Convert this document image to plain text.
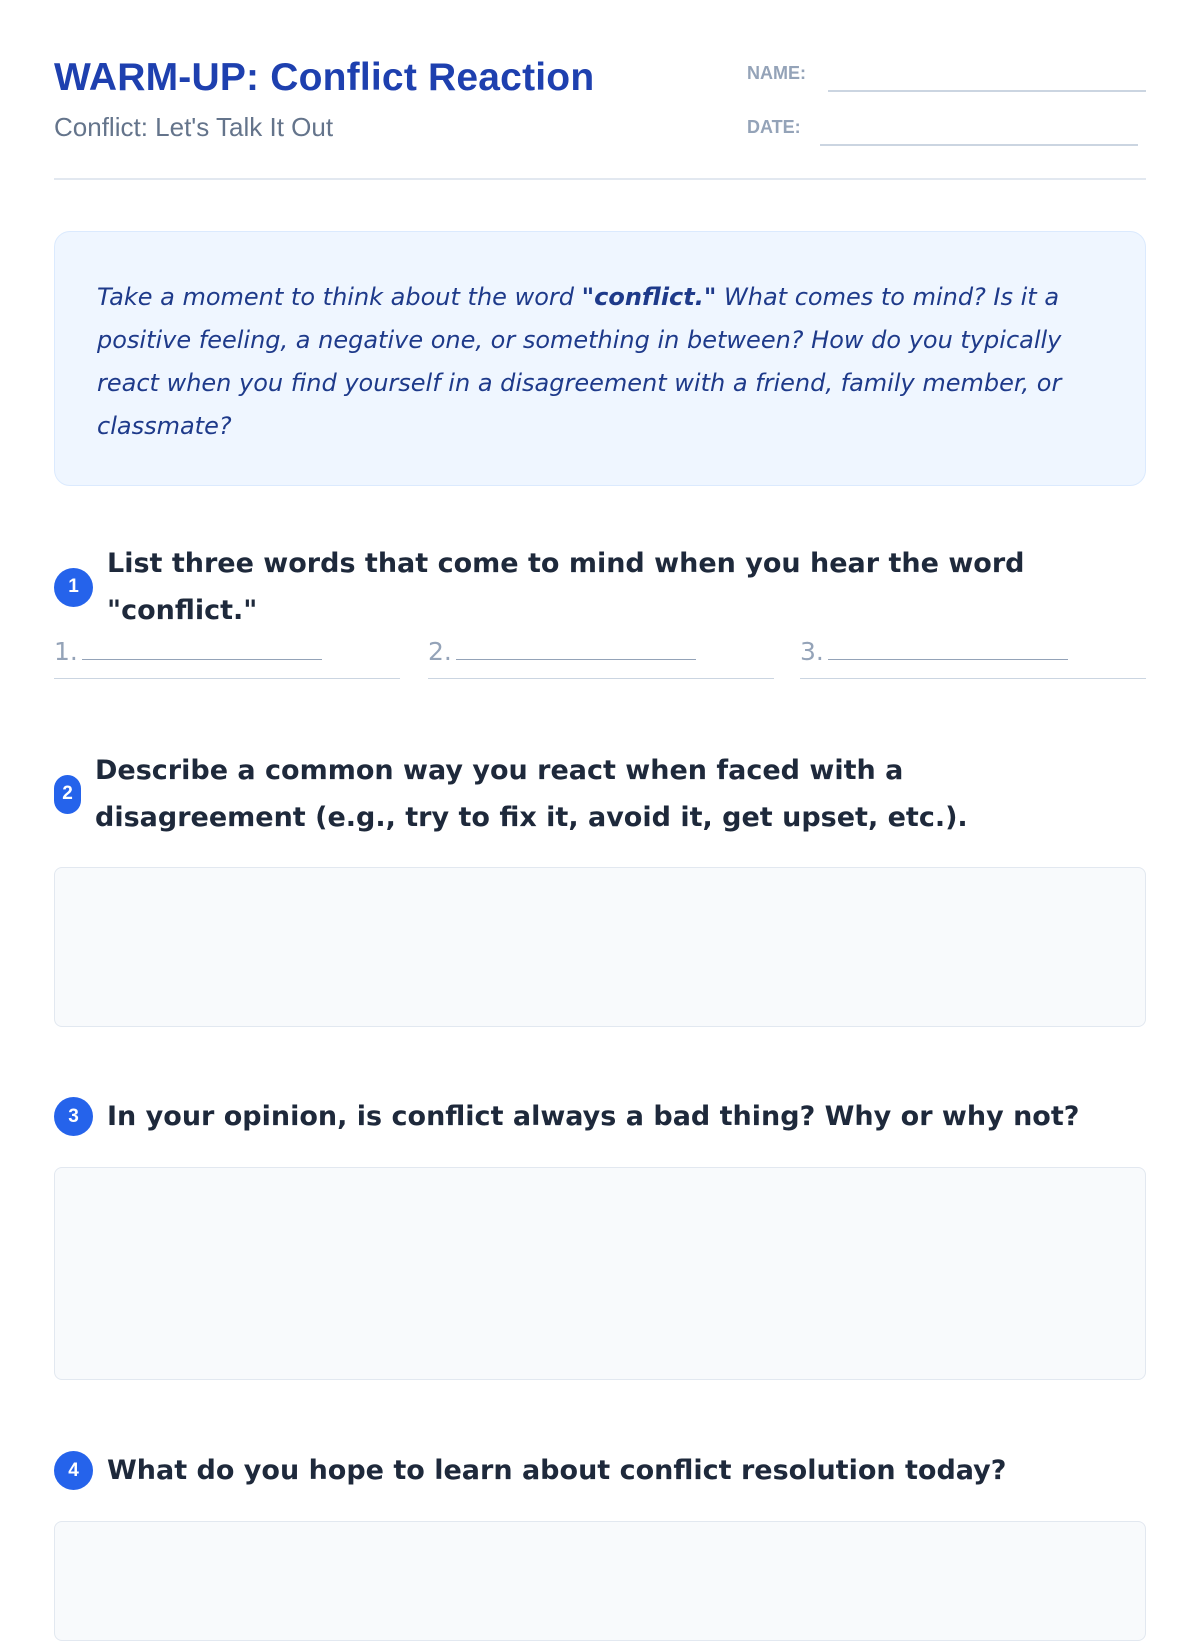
WARM-UP: Conflict Reaction
Conflict: Let's Talk It Out
NAME:
DATE:
Take a moment to think about the word "conflict." What comes to mind? Is it a positive feeling, a negative one, or something in between? How do you typically react when you find yourself in a disagreement with a friend, family member, or classmate?
1
List three words that come to mind when you hear the word "conflict."
1.	2.	3.
2
Describe a common way you react when faced with a disagreement (e.g., try to fix it, avoid it, get upset, etc.).
3	In your opinion, is conflict always a bad thing? Why or why not?
4	What do you hope to learn about conflict resolution today?
